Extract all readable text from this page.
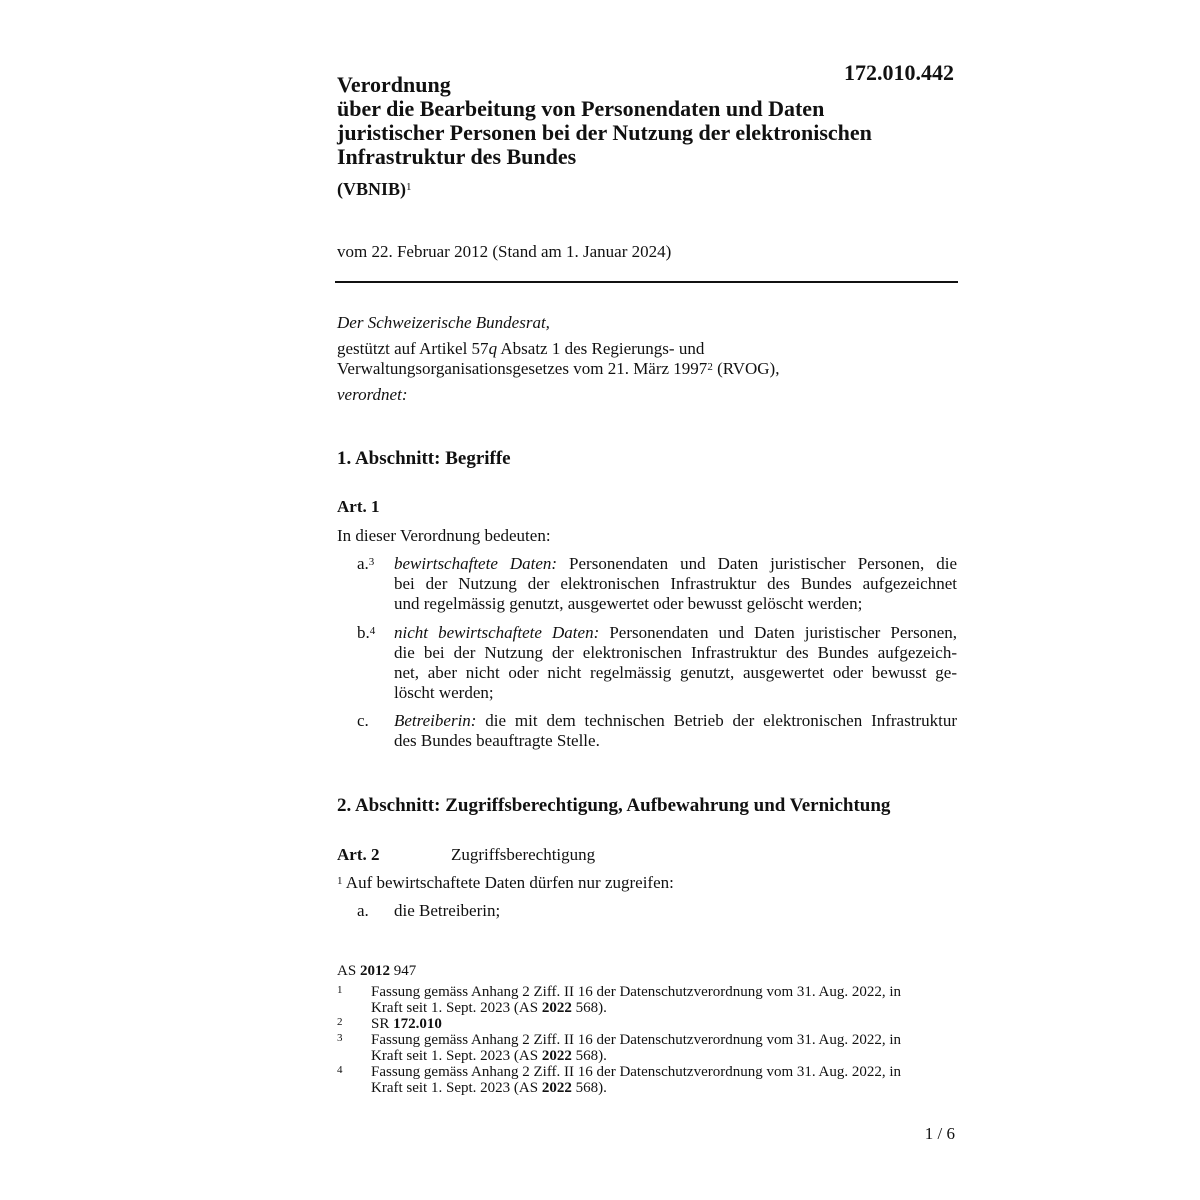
172.010.442
Verordnung
über die Bearbeitung von Personendaten und Daten
juristischer Personen bei der Nutzung der elektronischen
Infrastruktur des Bundes
(VBNIB)$^1$
vom 22. Februar 2012 (Stand am 1. Januar 2024)
Der Schweizerische Bundesrat,
gestützt auf Artikel 57q Absatz 1 des Regierungs- und
Verwaltungsorganisationsgesetzes vom 21. März 1997$^2$ (RVOG),
verordnet:
1. Abschnitt: Begriffe
Art. 1
In dieser Verordnung bedeuten:
a.$^3$	bewirtschaftete Daten: Personendaten und Daten juristischer Personen, die
bei der Nutzung der elektronischen Infrastruktur des Bundes aufgezeichnet
und regelmässig genutzt, ausgewertet oder bewusst gelöscht werden;
b.$^4$	nicht bewirtschaftete Daten: Personendaten und Daten juristischer Personen,
die bei der Nutzung der elektronischen Infrastruktur des Bundes aufgezeich-
net, aber nicht oder nicht regelmässig genutzt, ausgewertet oder bewusst ge-
löscht werden;
c.	Betreiberin: die mit dem technischen Betrieb der elektronischen Infrastruktur
des Bundes beauftragte Stelle.
2. Abschnitt: Zugriffsberechtigung, Aufbewahrung und Vernichtung
Art. 2	Zugriffsberechtigung
$^1$ Auf bewirtschaftete Daten dürfen nur zugreifen:
a.	die Betreiberin;
AS 2012 947
1	Fassung gemäss Anhang 2 Ziff. II 16 der Datenschutzverordnung vom 31. Aug. 2022, in
Kraft seit 1. Sept. 2023 (AS 2022 568).
2	SR 172.010
3	Fassung gemäss Anhang 2 Ziff. II 16 der Datenschutzverordnung vom 31. Aug. 2022, in
Kraft seit 1. Sept. 2023 (AS 2022 568).
4	Fassung gemäss Anhang 2 Ziff. II 16 der Datenschutzverordnung vom 31. Aug. 2022, in
Kraft seit 1. Sept. 2023 (AS 2022 568).
1 / 6
